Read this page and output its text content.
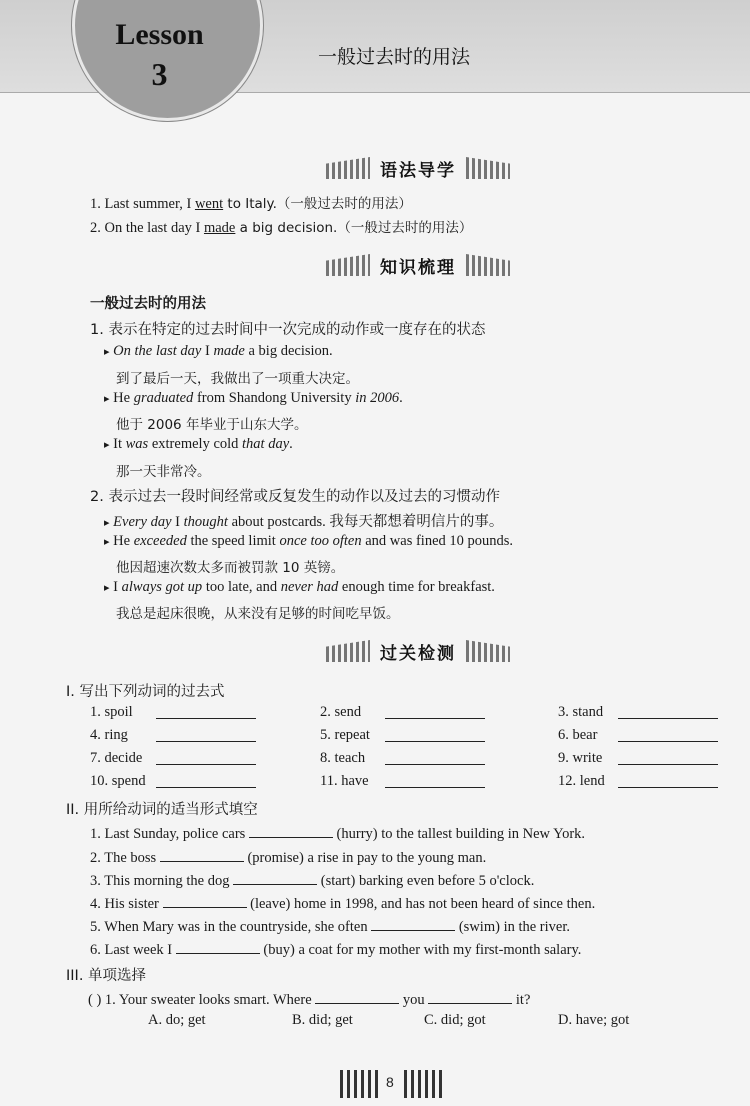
Lesson
3	一般过去时的用法
语法导学
1. Last summer, I went to Italy.（一般过去时的用法）
2. On the last day I made a big decision.（一般过去时的用法）
知识梳理
一般过去时的用法
1. 表示在特定的过去时间中一次完成的动作或一度存在的状态
▸ On the last day I made a big decision.
到了最后一天，我做出了一项重大决定。
▸ He graduated from Shandong University in 2006.
他于 2006 年毕业于山东大学。
▸ It was extremely cold that day.
那一天非常冷。
2. 表示过去一段时间经常或反复发生的动作以及过去的习惯动作
▸ Every day I thought about postcards. 我每天都想着明信片的事。
▸ He exceeded the speed limit once too often and was fined 10 pounds.
他因超速次数太多而被罚款 10 英镑。
▸ I always got up too late, and never had enough time for breakfast.
我总是起床很晚，从来没有足够的时间吃早饭。
过关检测
I. 写出下列动词的过去式
1. spoil	2. send	3. stand
4. ring	5. repeat	6. bear
7. decide	8. teach	9. write
10. spend	11. have	12. lend
II. 用所给动词的适当形式填空
1. Last Sunday, police cars	(hurry) to the tallest building in New York.
2. The boss	(promise) a rise in pay to the young man.
3. This morning the dog	(start) barking even before 5 o'clock.
4. His sister	(leave) home in 1998, and has not been heard of since then.
5. When Mary was in the countryside, she often	(swim) in the river.
6. Last week I	(buy) a coat for my mother with my first-month salary.
III. 单项选择
( ) 1. Your sweater looks smart. Where	you	it?
A. do; get	B. did; get	C. did; got	D. have; got
8
